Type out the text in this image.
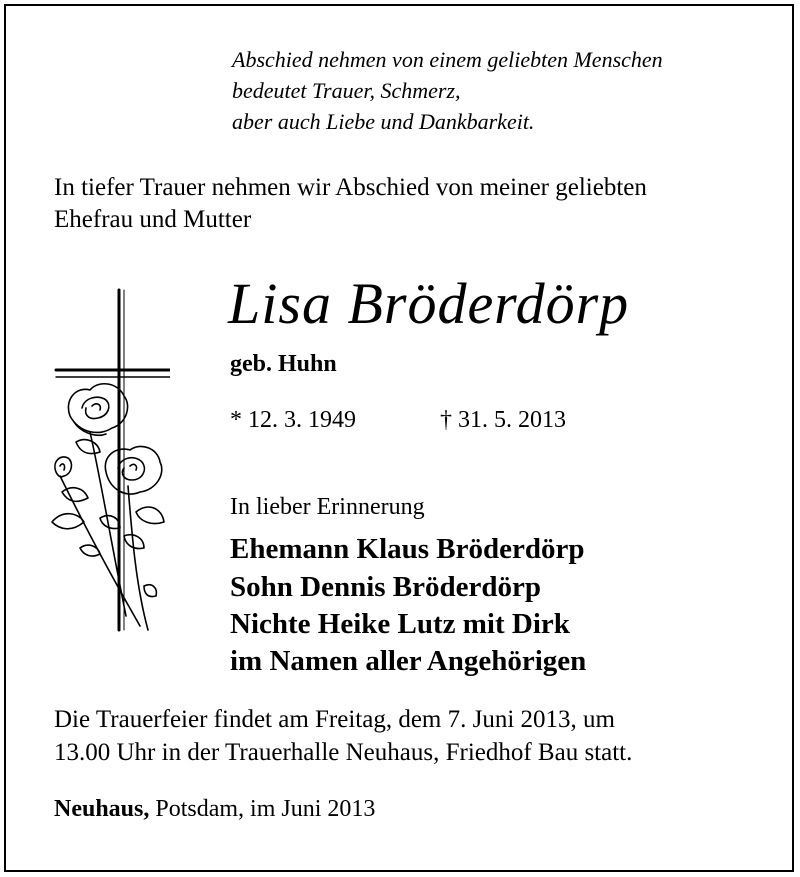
Abschied nehmen von einem geliebten Menschen
bedeutet Trauer, Schmerz,
aber auch Liebe und Dankbarkeit.
In tiefer Trauer nehmen wir Abschied von meiner geliebten
Ehefrau und Mutter
Lisa Bröderdörp
geb. Huhn
* 12. 3. 1949	† 31. 5. 2013
In lieber Erinnerung
Ehemann Klaus Bröderdörp
Sohn Dennis Bröderdörp
Nichte Heike Lutz mit Dirk
im Namen aller Angehörigen
Die Trauerfeier findet am Freitag, dem 7. Juni 2013, um
13.00 Uhr in der Trauerhalle Neuhaus, Friedhof Bau statt.
Neuhaus, Potsdam, im Juni 2013
